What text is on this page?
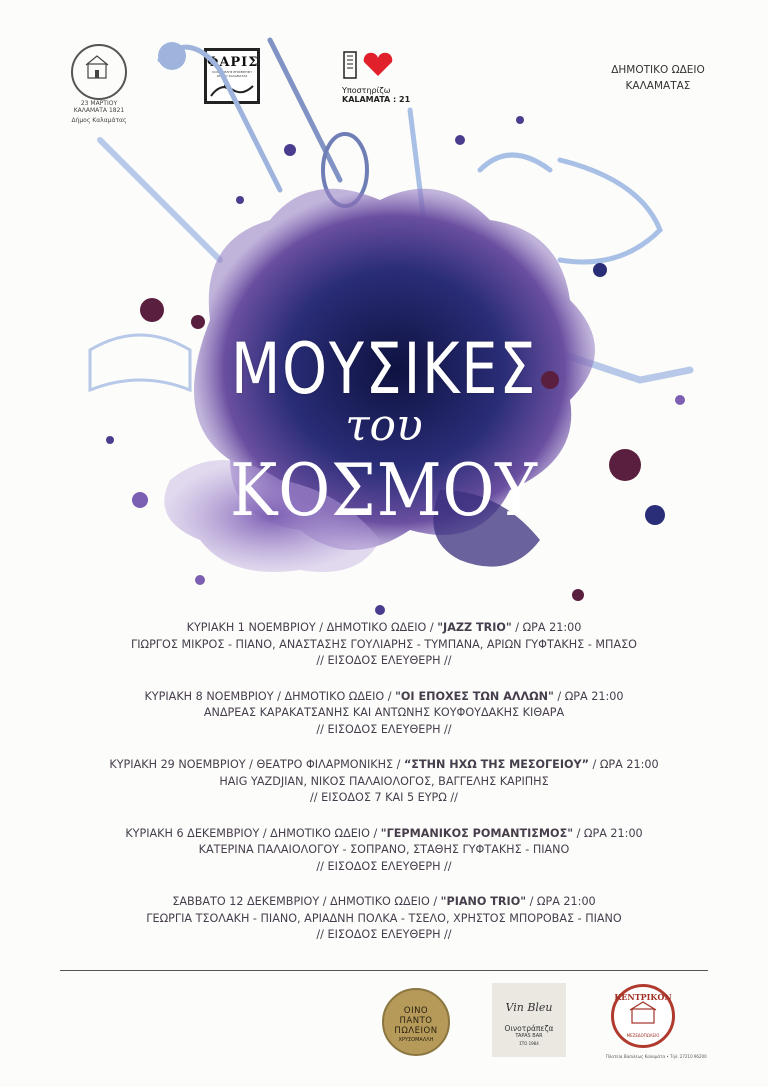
23 ΜΑΡΤΙΟΥ
ΚΑΛΑΜΑΤΑ 1821
Δήμος Καλαμάτας
ΦΑΡΙΣ
ΚΟΙΝΩΦΕΛΗΣ ΕΠΙΧΕΙΡΗΣΗ ΔΗΜΟΥ ΚΑΛΑΜΑΤΑΣ
Υποστηρίζω
KALAMATA : 21
ΔΗΜΟΤΙΚΟ ΩΔΕΙΟ
ΚΑΛΑΜΑΤΑΣ
ΜΟΥΣΙΚΕΣ
του
ΚΟΣΜΟΥ
ΚΥΡΙΑΚΗ 1 ΝΟΕΜΒΡΙΟΥ / ΔΗΜΟΤΙΚΟ ΩΔΕΙΟ / "JAZZ TRIO" / ΩΡΑ 21:00
ΓΙΩΡΓΟΣ ΜΙΚΡΟΣ - ΠΙΑΝΟ, ΑΝΑΣΤΑΣΗΣ ΓΟΥΛΙΑΡΗΣ - ΤΥΜΠΑΝΑ, ΑΡΙΩΝ ΓΥΦΤΑΚΗΣ - ΜΠΑΣΟ
// ΕΙΣΟΔΟΣ ΕΛΕΥΘΕΡΗ //
ΚΥΡΙΑΚΗ 8 ΝΟΕΜΒΡΙΟΥ / ΔΗΜΟΤΙΚΟ ΩΔΕΙΟ / "ΟΙ ΕΠΟΧΕΣ ΤΩΝ ΑΛΛΩΝ" / ΩΡΑ 21:00
ΑΝΔΡΕΑΣ ΚΑΡΑΚΑΤΣΑΝΗΣ ΚΑΙ ΑΝΤΩΝΗΣ ΚΟΥΦΟΥΔΑΚΗΣ ΚΙΘΑΡΑ
// ΕΙΣΟΔΟΣ ΕΛΕΥΘΕΡΗ //
ΚΥΡΙΑΚΗ 29 ΝΟΕΜΒΡΙΟΥ / ΘΕΑΤΡΟ ΦΙΛΑΡΜΟΝΙΚΗΣ / “ΣΤΗΝ ΗΧΩ ΤΗΣ ΜΕΣΟΓΕΙΟΥ” / ΩΡΑ 21:00
HAIG YAZDJIAN, ΝΙΚΟΣ ΠΑΛΑΙΟΛΟΓΟΣ, ΒΑΓΓΕΛΗΣ ΚΑΡΙΠΗΣ
// ΕΙΣΟΔΟΣ 7 ΚΑΙ 5 ΕΥΡΩ //
ΚΥΡΙΑΚΗ 6 ΔΕΚΕΜΒΡΙΟΥ / ΔΗΜΟΤΙΚΟ ΩΔΕΙΟ / "ΓΕΡΜΑΝΙΚΟΣ ΡΟΜΑΝΤΙΣΜΟΣ" / ΩΡΑ 21:00
ΚΑΤΕΡΙΝΑ ΠΑΛΑΙΟΛΟΓΟΥ - ΣΟΠΡΑΝΟ, ΣΤΑΘΗΣ ΓΥΦΤΑΚΗΣ - ΠΙΑΝΟ
// ΕΙΣΟΔΟΣ ΕΛΕΥΘΕΡΗ //
ΣΑΒΒΑΤΟ 12 ΔΕΚΕΜΒΡΙΟΥ / ΔΗΜΟΤΙΚΟ ΩΔΕΙΟ / "PIANO TRIO" / ΩΡΑ 21:00
ΓΕΩΡΓΙΑ ΤΣΟΛΑΚΗ - ΠΙΑΝΟ, ΑΡΙΑΔΝΗ ΠΟΛΚΑ - ΤΣΕΛΟ, ΧΡΗΣΤΟΣ ΜΠΟΡΟΒΑΣ - ΠΙΑΝΟ
// ΕΙΣΟΔΟΣ ΕΛΕΥΘΕΡΗ //
ΟΙΝΟ
ΠΑΝΤΟ
ΠΩΛΕΙΟΝ
ΧΡΥΣΟΜΑΛΛΗ
Vin Bleu
Οινοτράπεζα
TAPAS BAR
ΣΤΟ 1984
ΚΕΝΤΡΙΚΟΝ
ΜΕΖΕΔΟΠΩΛΕΙΟ
Πλατεία Βασιλεως Καλαμάτα • Τηλ. 27210 96200
